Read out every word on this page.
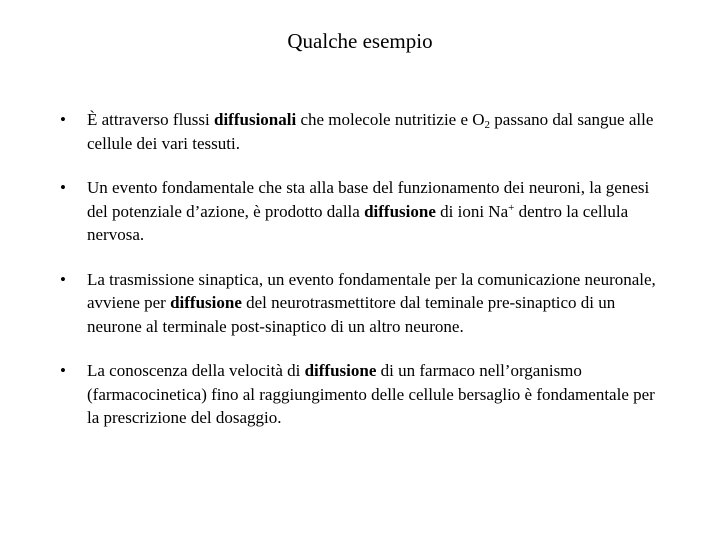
Qualche esempio
• È attraverso flussi diffusionali che molecole nutritizie e $O_2$ passano dal sangue alle cellule dei vari tessuti.
• Un evento fondamentale che sta alla base del funzionamento dei neuroni, la genesi del potenziale d’azione, è prodotto dalla diffusione di ioni Na+ dentro la cellula nervosa.
• La trasmissione sinaptica, un evento fondamentale per la comunicazione neuronale, avviene per diffusione del neurotrasmettitore dal teminale pre-sinaptico di un neurone al terminale post-sinaptico di un altro neurone.
• La conoscenza della velocità di diffusione di un farmaco nell’organismo (farmacocinetica) fino al raggiungimento delle cellule bersaglio è fondamentale per la prescrizione del dosaggio.
